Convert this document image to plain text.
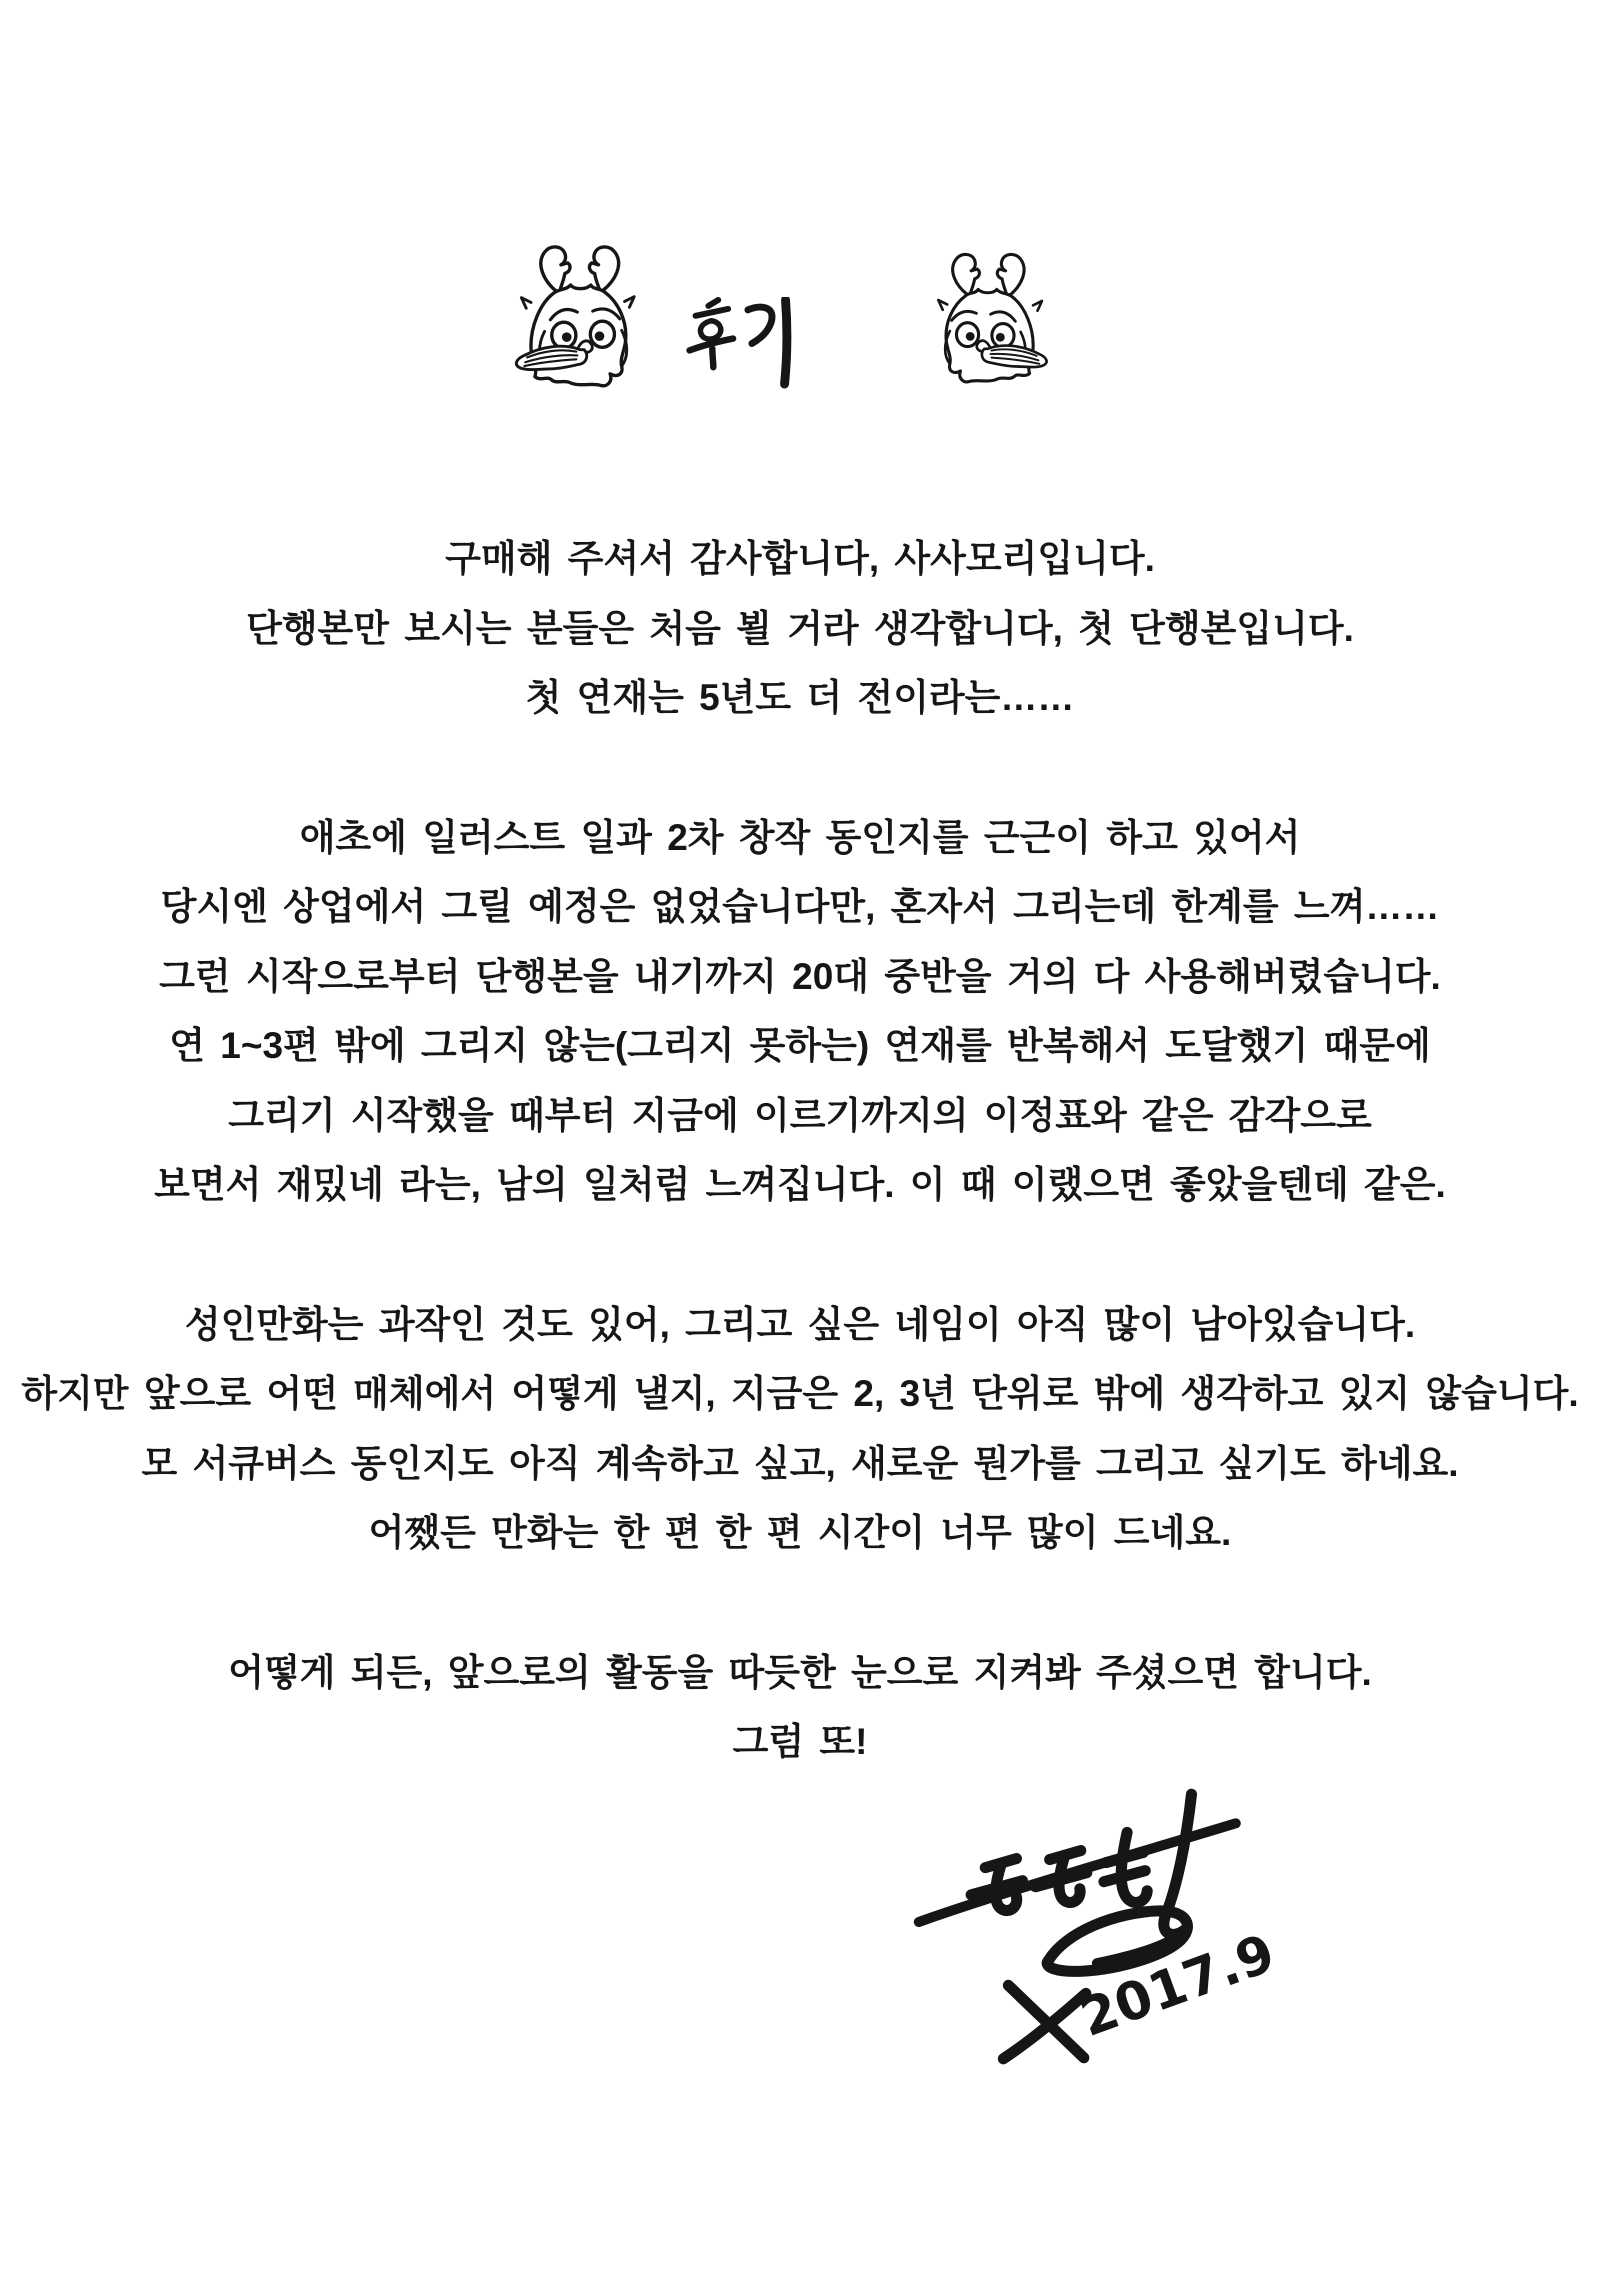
구매해 주셔서 감사합니다, 사사모리입니다.
단행본만 보시는 분들은 처음 뵐 거라 생각합니다, 첫 단행본입니다.
첫 연재는 5년도 더 전이라는……

애초에 일러스트 일과 2차 창작 동인지를 근근이 하고 있어서
당시엔 상업에서 그릴 예정은 없었습니다만, 혼자서 그리는데 한계를 느껴……
그런 시작으로부터 단행본을 내기까지 20대 중반을 거의 다 사용해버렸습니다.
연 1~3편 밖에 그리지 않는(그리지 못하는) 연재를 반복해서 도달했기 때문에
그리기 시작했을 때부터 지금에 이르기까지의 이정표와 같은 감각으로
보면서 재밌네 라는, 남의 일처럼 느껴집니다. 이 때 이랬으면 좋았을텐데 같은.

성인만화는 과작인 것도 있어, 그리고 싶은 네임이 아직 많이 남아있습니다.
하지만 앞으로 어떤 매체에서 어떻게 낼지, 지금은 2, 3년 단위로 밖에 생각하고 있지 않습니다.
모 서큐버스 동인지도 아직 계속하고 싶고, 새로운 뭔가를 그리고 싶기도 하네요.
어쨌든 만화는 한 편 한 편 시간이 너무 많이 드네요.

어떻게 되든, 앞으로의 활동을 따듯한 눈으로 지켜봐 주셨으면 합니다.
그럼 또!

2017.9
